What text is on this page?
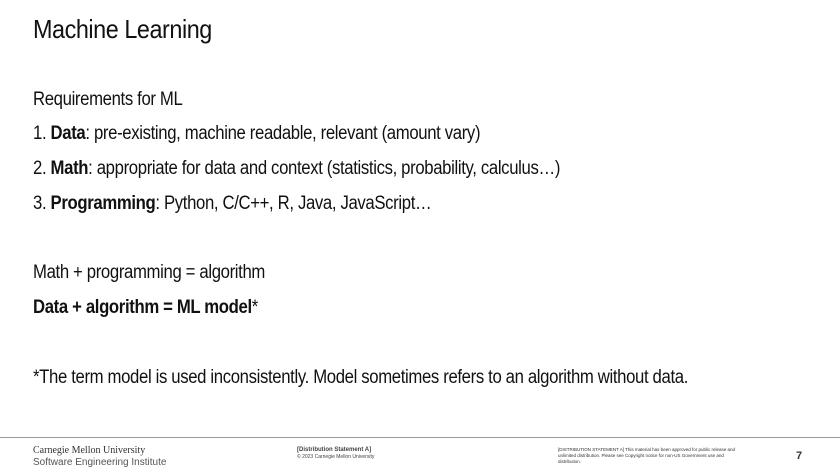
Machine Learning
Requirements for ML
1. Data: pre-existing, machine readable, relevant (amount vary)
2. Math: appropriate for data and context (statistics, probability, calculus…)
3. Programming: Python, C/C++, R, Java, JavaScript…
Math + programming = algorithm
Data + algorithm = ML model*
*The term model is used inconsistently. Model sometimes refers to an algorithm without data.
Carnegie Mellon University
Software Engineering Institute
[Distribution Statement A]
© 2023 Carnegie Mellon University
[DISTRIBUTION STATEMENT A] This material has been approved for public release and unlimited distribution. Please see Copyright notice for non-US Government use and distribution.	7
